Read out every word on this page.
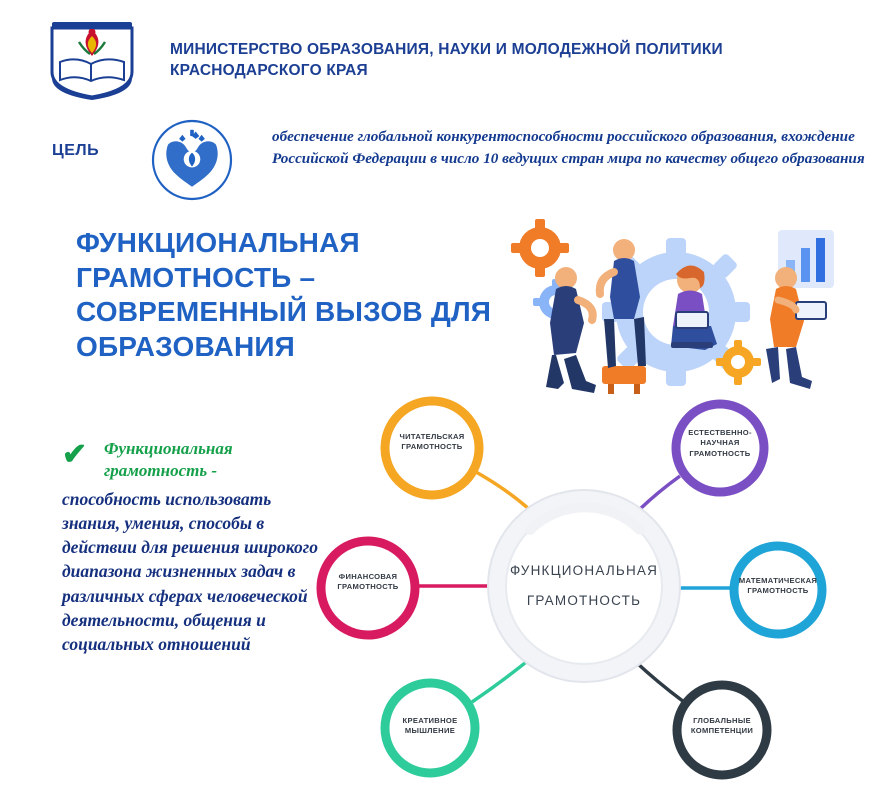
МИНИСТЕРСТВО ОБРАЗОВАНИЯ, НАУКИ И МОЛОДЕЖНОЙ ПОЛИТИКИ КРАСНОДАРСКОГО КРАЯ
ЦЕЛЬ
обеспечение глобальной конкурентоспособности российского образования, вхождение Российской Федерации в число 10 ведущих стран мира по качеству общего образования
ФУНКЦИОНАЛЬНАЯ ГРАМОТНОСТЬ – СОВРЕМЕННЫЙ ВЫЗОВ ДЛЯ ОБРАЗОВАНИЯ
✔ Функциональная грамотность -
способность использовать знания, умения, способы в действии для решения широкого диапазона жизненных задач в различных сферах человеческой деятельности, общения и социальных отношений
ФУНКЦИОНАЛЬНАЯ
ГРАМОТНОСТЬ
ЧИТАТЕЛЬСКАЯ
ГРАМОТНОСТЬ
ЕСТЕСТВЕННО-
НАУЧНАЯ
ГРАМОТНОСТЬ
ФИНАНСОВАЯ
ГРАМОТНОСТЬ
МАТЕМАТИЧЕСКАЯ
ГРАМОТНОСТЬ
КРЕАТИВНОЕ
МЫШЛЕНИЕ
ГЛОБАЛЬНЫЕ
КОМПЕТЕНЦИИ
